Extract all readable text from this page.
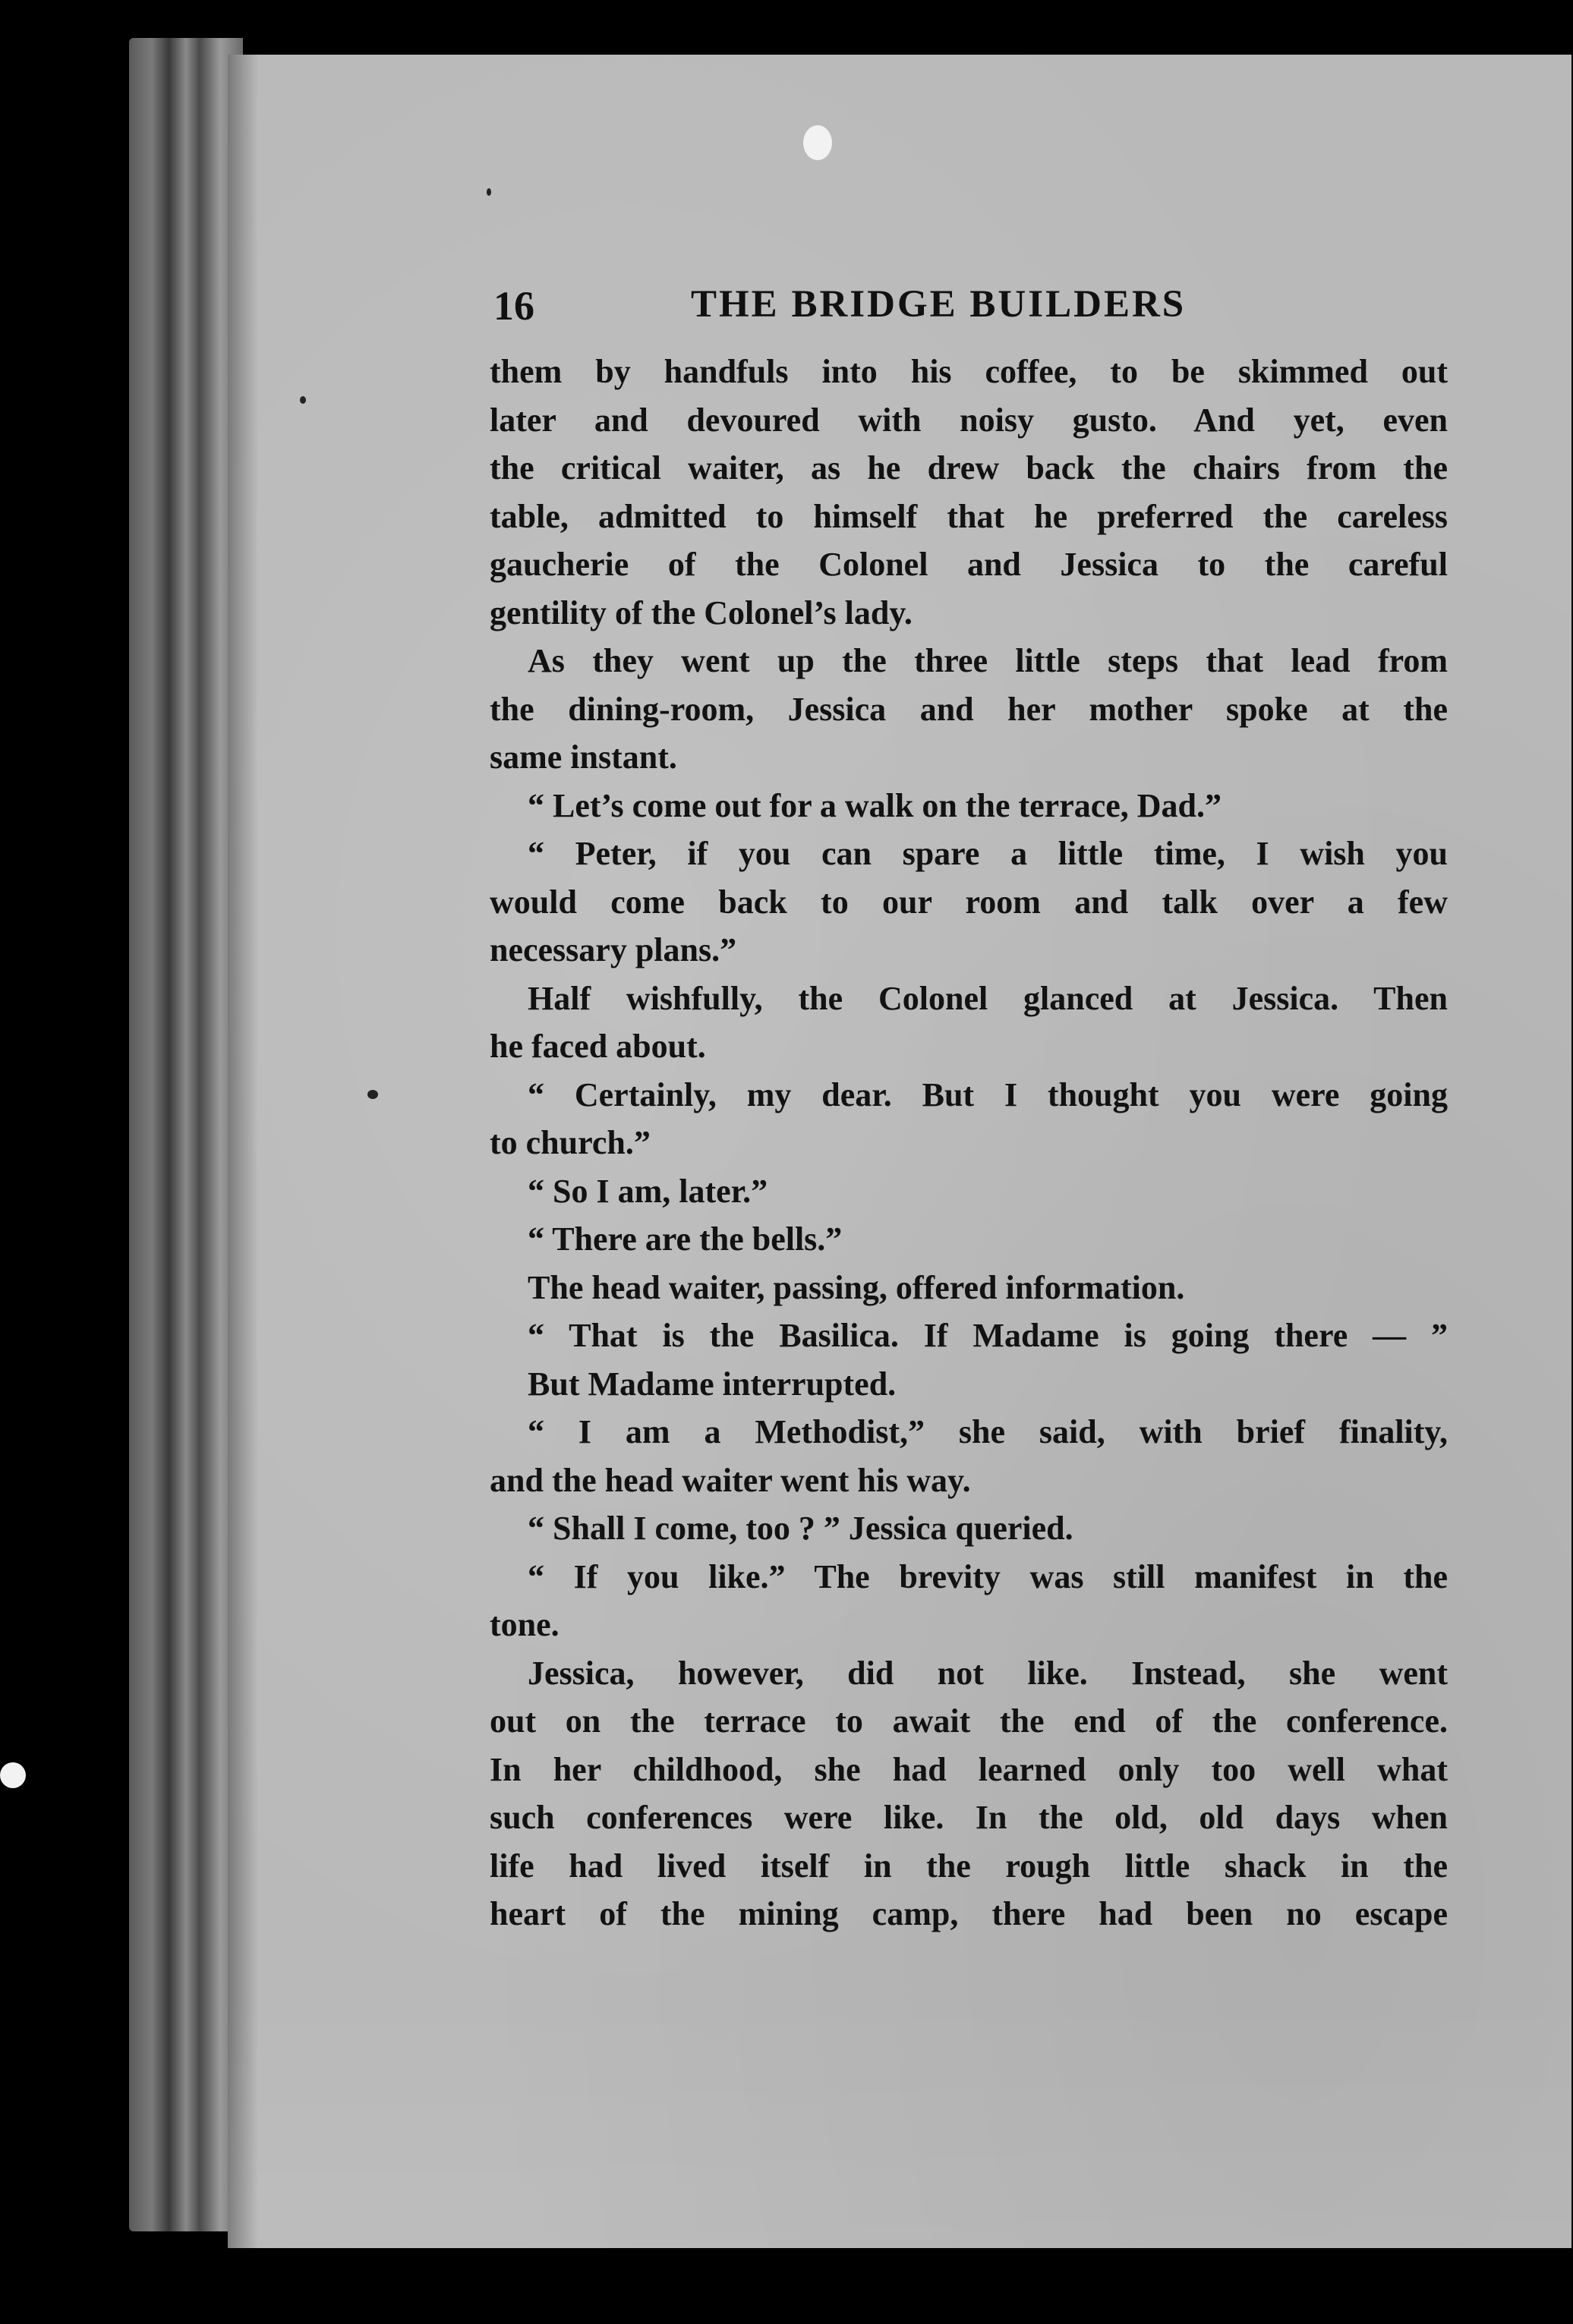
16	THE BRIDGE BUILDERS
them by handfuls into his coffee, to be skimmed out
later and devoured with noisy gusto. And yet, even
the critical waiter, as he drew back the chairs from the
table, admitted to himself that he preferred the careless
gaucherie of the Colonel and Jessica to the careful
gentility of the Colonel’s lady.
As they went up the three little steps that lead from
the dining-room, Jessica and her mother spoke at the
same instant.
“ Let’s come out for a walk on the terrace, Dad.”
“ Peter, if you can spare a little time, I wish you
would come back to our room and talk over a few
necessary plans.”
Half wishfully, the Colonel glanced at Jessica. Then
he faced about.
“ Certainly, my dear. But I thought you were going
to church.”
“ So I am, later.”
“ There are the bells.”
The head waiter, passing, offered information.
“ That is the Basilica. If Madame is going there — ”
But Madame interrupted.
“ I am a Methodist,” she said, with brief finality,
and the head waiter went his way.
“ Shall I come, too ? ” Jessica queried.
“ If you like.” The brevity was still manifest in the
tone.
Jessica, however, did not like. Instead, she went
out on the terrace to await the end of the conference.
In her childhood, she had learned only too well what
such conferences were like. In the old, old days when
life had lived itself in the rough little shack in the
heart of the mining camp, there had been no escape
